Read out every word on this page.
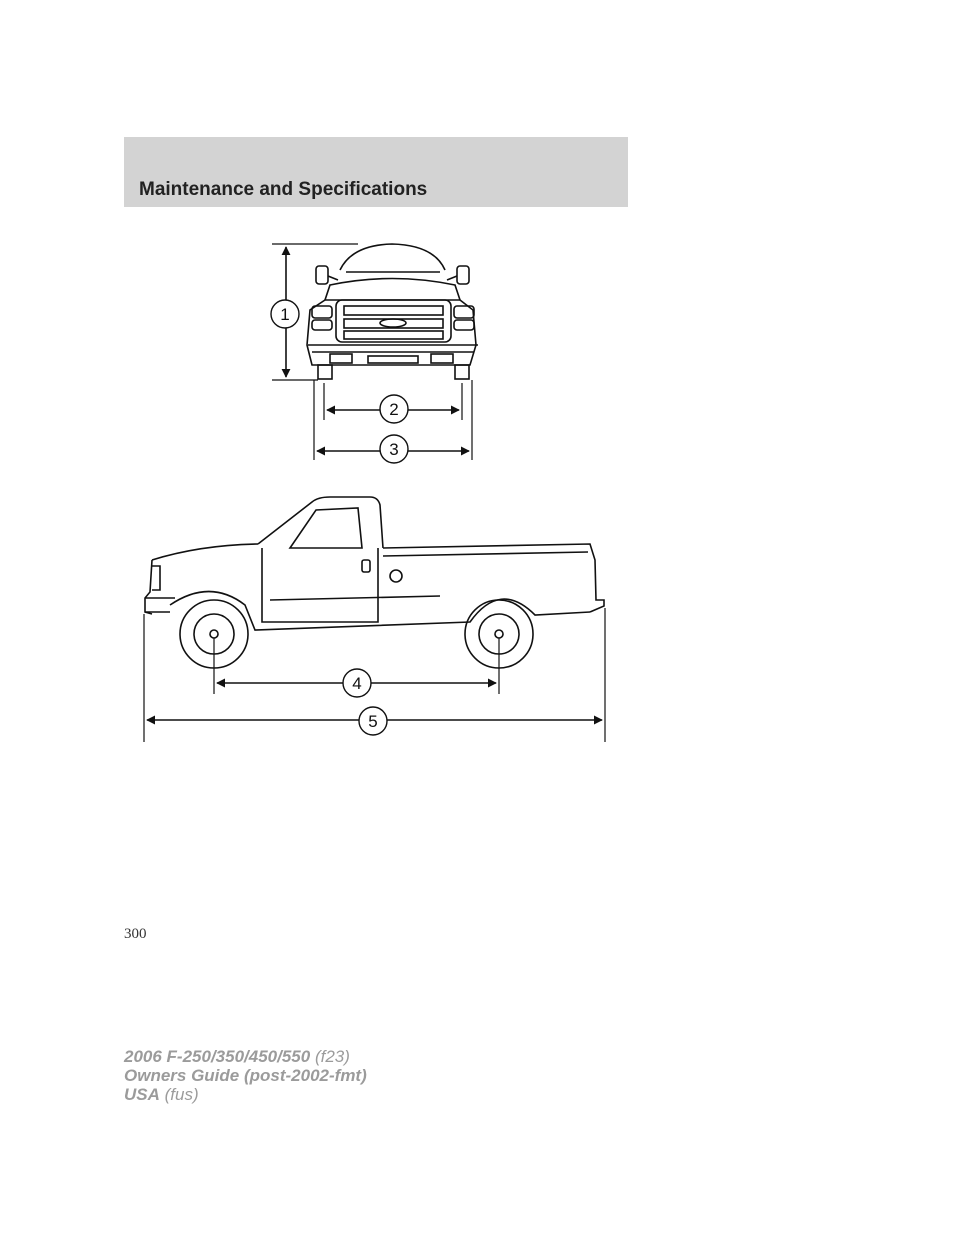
Maintenance and Specifications
1
2
3
4
5
300
2006 F-250/350/450/550 (f23)
Owners Guide (post-2002-fmt)
USA (fus)
